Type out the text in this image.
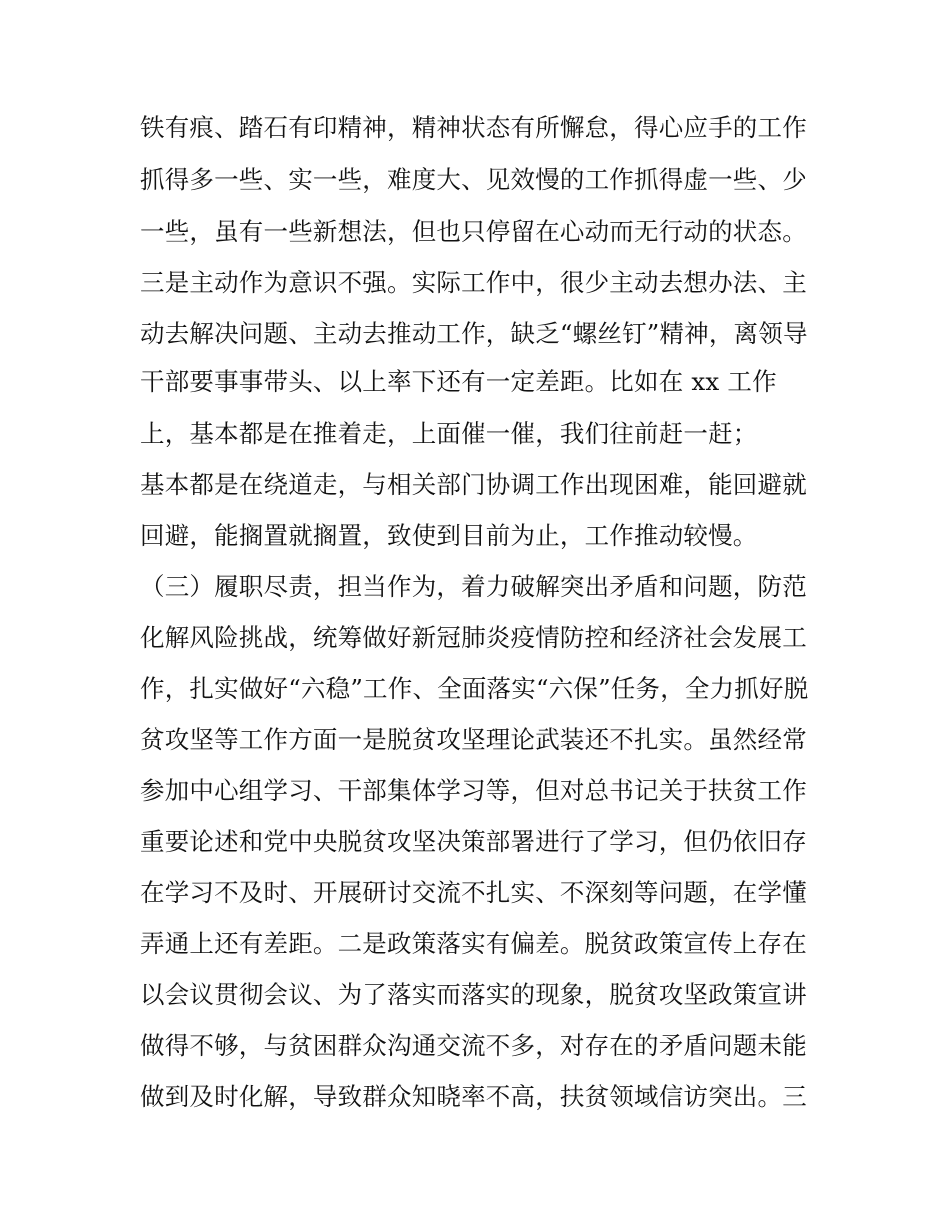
铁有痕、踏石有印精神，精神状态有所懈怠，得心应手的工作
抓得多一些、实一些，难度大、见效慢的工作抓得虚一些、少
一些，虽有一些新想法，但也只停留在心动而无行动的状态。
三是主动作为意识不强。实际工作中，很少主动去想办法、主
动去解决问题、主动去推动工作，缺乏“螺丝钉”精神，离领导
干部要事事带头、以上率下还有一定差距。比如在 xx 工作
上，基本都是在推着走，上面催一催，我们往前赶一赶；
基本都是在绕道走，与相关部门协调工作出现困难，能回避就
回避，能搁置就搁置，致使到目前为止，工作推动较慢。
（三）履职尽责，担当作为，着力破解突出矛盾和问题，防范
化解风险挑战，统筹做好新冠肺炎疫情防控和经济社会发展工
作，扎实做好“六稳”工作、全面落实“六保”任务，全力抓好脱
贫攻坚等工作方面一是脱贫攻坚理论武装还不扎实。虽然经常
参加中心组学习、干部集体学习等，但对总书记关于扶贫工作
重要论述和党中央脱贫攻坚决策部署进行了学习，但仍依旧存
在学习不及时、开展研讨交流不扎实、不深刻等问题，在学懂
弄通上还有差距。二是政策落实有偏差。脱贫政策宣传上存在
以会议贯彻会议、为了落实而落实的现象，脱贫攻坚政策宣讲
做得不够，与贫困群众沟通交流不多，对存在的矛盾问题未能
做到及时化解，导致群众知晓率不高，扶贫领域信访突出。三
